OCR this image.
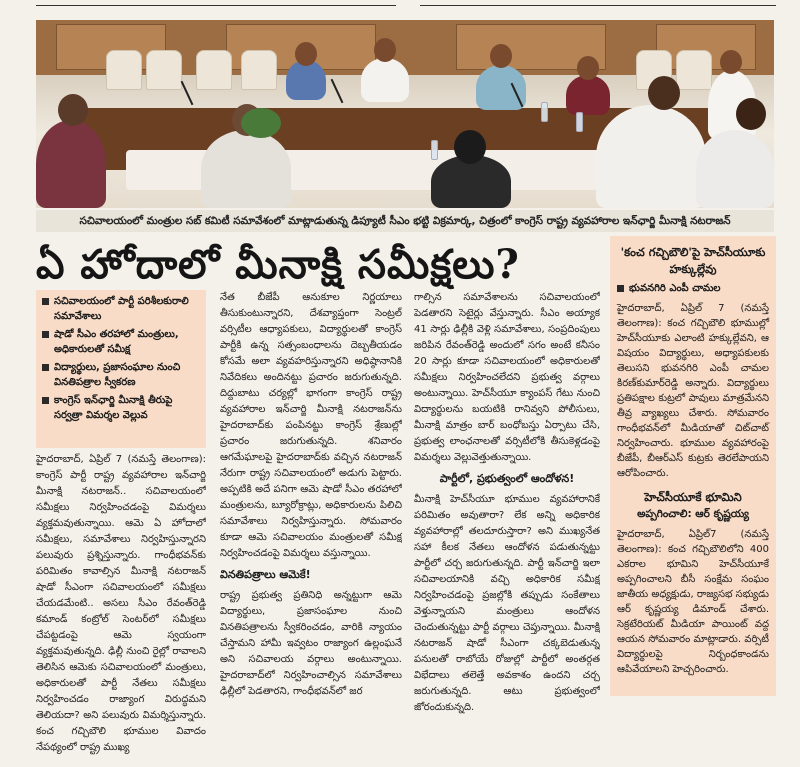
సచివాలయంలో మంత్రుల సబ్ కమిటీ సమావేశంలో మాట్లాడుతున్న డిప్యూటీ సీఎం భట్టి విక్రమార్క, చిత్రంలో కాంగ్రెస్ రాష్ట్ర వ్యవహారాల ఇన్‌ఛార్జి మీనాక్షి నటరాజన్
ఏ హోదాలో మీనాక్షి సమీక్షలు?
సచివాలయంలో పార్టీ పరిశీలకురాలి సమావేశాలు
షాడో సీఎం తరహాలో మంత్రులు, అధికారులతో సమీక్ష
విద్యార్థులు, ప్రజాసంఘాల నుంచి వినతిపత్రాల స్వీకరణ
కాంగ్రెస్ ఇన్‌ఛార్జి మీనాక్షి తీరుపై సర్వత్రా విమర్శల వెల్లువ

హైదరాబాద్, ఏప్రిల్ 7 (నమస్తే తెలంగాణ): కాంగ్రెస్ పార్టీ రాష్ట్ర వ్యవహారాల ఇన్‌చార్జి మీనాక్షి నటరాజన్.. సచివాలయంలో సమీక్షలు నిర్వహించడంపై విమర్శలు వ్యక్తమవుతున్నాయి. ఆమె ఏ హోదాలో సమీక్షలు, సమావేశాలు నిర్వహిస్తున్నారని పలువురు ప్రశ్నిస్తున్నారు. గాంధీభవన్‌కు పరిమితం కావాల్సిన మీనాక్షి నటరాజన్ షాడో సీఎంగా సచివాలయంలో సమీక్షలు చేయడమేంటి.. అసలు సీఎం రేవంత్‌రెడ్డి కమాండ్ కంట్రోల్ సెంటర్‌లో సమీక్షలు చేపట్టడంపై ఆమె స్వయంగా వ్యక్తమవుతున్నది. ఢిల్లీ నుంచి రైల్లో రావాలని తెలిసిన ఆమెకు సచివాలయంలో మంత్రులు, అధికారులతో పార్టీ నేతలు సమీక్షలు నిర్వహించడం రాజ్యాంగ విరుద్ధమని తెలియదా? అని పలువురు విమర్శిస్తున్నారు. కంచ గచ్చిబౌలి భూముల వివాదం నేపథ్యంలో రాష్ట్ర ముఖ్య

నేత బీజేపీ ఆనుకూల నిర్ణయాలు తీసుకుంటున్నారని, దేశవ్యాప్తంగా సెంట్రల్ వర్సిటీల ఆధ్యాపకులు, విద్యార్థులతో కాంగ్రెస్ పార్టీకి ఉన్న సత్సంబంధాలను దెబ్బతీయడం కోసమే అలా వ్యవహరిస్తున్నారని అధిష్ఠానానికి నివేదికలు అందినట్టు ప్రచారం జరుగుతున్నది. దిద్దుబాటు చర్యల్లో భాగంగా కాంగ్రెస్ రాష్ట్ర వ్యవహారాల ఇన్‌చార్జి మీనాక్షి నటరాజన్‌ను హైదరాబాద్‌కు పంపినట్టు కాంగ్రెస్ శ్రేణుల్లో ప్రచారం జరుగుతున్నది. శనివారం ఆగమేఘాలపై హైదరాబాద్‌కు వచ్చిన నటరాజన్ నేరుగా రాష్ట్ర సచివాలయంలో అడుగు పెట్టారు. అప్పటికి అదే పనిగా ఆమె షాడో సీఎం తరహాలో మంత్రులను, బ్యూరోక్రాట్లు, అధికారులను పిలిచి సమావేశాలు నిర్వహిస్తున్నారు. సోమవారం కూడా ఆమె సచివాలయం మంత్రులతో సమీక్ష నిర్వహించడంపై విమర్శలు వస్తున్నాయి.

వినతిపత్రాలు ఆమెకే!

రాష్ట్ర ప్రభుత్వ ప్రతినిధి అన్నట్టుగా ఆమె విద్యార్థులు, ప్రజాసంఘాల నుంచి వినతిపత్రాలను స్వీకరించడం, వారికి న్యాయం చేస్తామని హామీ ఇవ్వటం రాజ్యాంగ ఉల్లంఘనే అని సచివాలయ వర్గాలు అంటున్నాయి. హైదరాబాద్‌లో నిర్వహించాల్సిన సమావేశాలు ఢిల్లీలో పెడతారని, గాంధీభవన్‌లో జర

గాల్సిన సమావేశాలను సచివాలయంలో పెడతారని సెటైర్లు వేస్తున్నారు. సీఎం అయ్యాక 41 సార్లు ఢిల్లీకి వెళ్లి సమావేశాలు, సంప్రదింపులు జరిపిన రేవంత్‌రెడ్డి అందులో సగం అంటే కనీసం 20 సార్లు కూడా సచివాలయంలో అధికారులతో సమీక్షలు నిర్వహించలేదని ప్రభుత్వ వర్గాలు అంటున్నాయి. హెచ్‌సీయూ క్యాంపస్ గేటు నుంచి విద్యార్థులను బయటికి రానివ్వని పోలీసులు, మీనాక్షి మాత్రం బార్ బంధోబస్తు ఏర్పాటు చేసి, ప్రభుత్వ లాంఛనాలతో వర్సిటీలోకి తీసుకెళ్లడంపై విమర్శలు వెల్లువెత్తుతున్నాయి.

పార్టీలో, ప్రభుత్వంలో ఆందోళన!

మీనాక్షి హెచ్‌సీయూ భూముల వ్యవహారానికే పరిమితం అవుతారా? లేక అన్ని అధికారిక వ్యవహారాల్లో తలదూరుస్తారా? అని ముఖ్యనేత సహా కీలక నేతలు ఆందోళన పడుతున్నట్టు పార్టీలో చర్చ జరుగుతున్నది. పార్టీ ఇన్‌చార్జి ఇలా సచివాలయానికి వచ్చి అధికారిక సమీక్ష నిర్వహించడంపై ప్రజల్లోకి తప్పుడు సంకేతాలు వెళ్తున్నాయని మంత్రులు ఆందోళన చెందుతున్నట్టు పార్టీ వర్గాలు చెప్తున్నాయి. మీనాక్షి నటరాజన్ షాడో సీఎంగా చక్కబెడుతున్న పనులతో రాబోయే రోజుల్లో పార్టీలో అంతర్గత విభేదాలు తలెత్తే అవకాశం ఉందని చర్చ జరుగుతున్నది. ఆటు ప్రభుత్వంలో జోరందుకున్నది.

'కంచ గచ్చిబౌలి'పై హెచ్‌సీయూకు హక్కుల్లేవు
భువనగిరి ఎంపీ చామల
హైదరాబాద్, ఏప్రిల్ 7 (నమస్తే తెలంగాణ): కంచ గచ్చిబౌలి భూముల్లో హెచ్‌సీయూకు ఎలాంటి హక్కుల్లేవని, ఆ విషయం విద్యార్థులు, అధ్యాపకులకు తెలుసని భువనగిరి ఎంపీ చామల కిరణ్‌కుమార్‌రెడ్డి అన్నారు. విద్యార్థులు ప్రతిపక్షాల కుట్రలో పావులు మాత్రమేనని తీవ్ర వ్యాఖ్యలు చేశారు. సోమవారం గాంధీభవన్‌లో మీడియాతో చిట్‌చాట్ నిర్వహించారు. భూముల వ్యవహారంపై బీజేపీ, బీఆర్‌ఎస్ కుట్రకు తెరలేపాయని ఆరోపించారు.
హెచ్‌సీయూకే భూమిని
అప్పగించాలి: ఆర్ కృష్ణయ్య
హైదరాబాద్, ఏప్రిల్7 (నమస్తే తెలంగాణ): కంచ గచ్చిబౌలిలోని 400 ఎకరాల భూమిని హెచ్‌సీయూకే అప్పగించాలని బీసీ సంక్షేమ సంఘం జాతీయ అధ్యక్షుడు, రాజ్యసభ సభ్యుడు ఆర్ కృష్ణయ్య డిమాండ్ చేశారు. సెక్రటేరియట్ మీడియా పాయింట్ వద్ద ఆయన సోమవారం మాట్లాడారు. వర్సిటీ విద్యార్థులపై నిర్బంధకాండను ఆపివేయాలని హెచ్చరించారు.
